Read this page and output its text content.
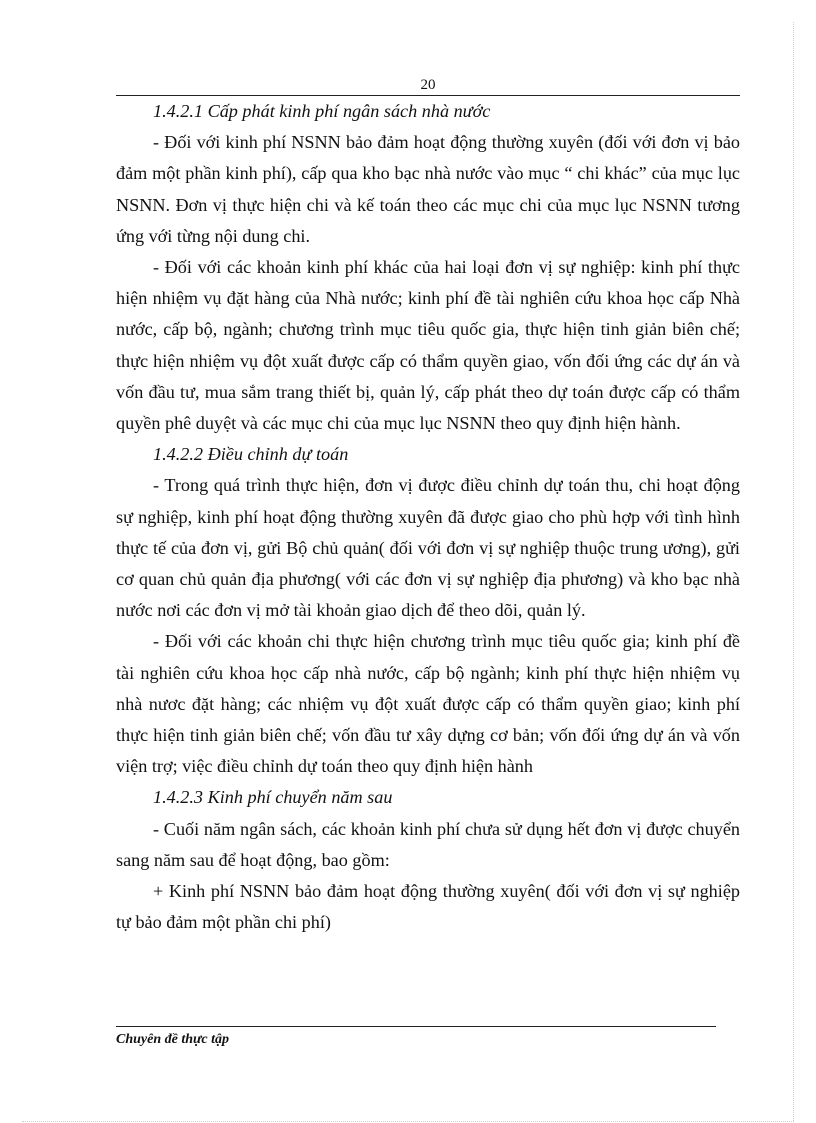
20

1.4.2.1 Cấp phát kinh phí ngân sách nhà nước

- Đối với kinh phí NSNN bảo đảm hoạt động thường xuyên (đối với đơn vị bảo đảm một phần kinh phí), cấp qua kho bạc nhà nước vào mục “ chi khác” của mục lục NSNN. Đơn vị thực hiện chi và kế toán theo các mục chi của mục lục NSNN tương ứng với từng nội dung chi.

- Đối với các khoản kinh phí khác của hai loại đơn vị sự nghiệp: kinh phí thực hiện nhiệm vụ đặt hàng của Nhà nước; kinh phí đề tài nghiên cứu khoa học cấp Nhà nước, cấp bộ, ngành; chương trình mục tiêu quốc gia, thực hiện tinh giản biên chế; thực hiện nhiệm vụ đột xuất được cấp có thẩm quyền giao, vốn đối ứng các dự án và vốn đầu tư, mua sắm trang thiết bị, quản lý, cấp phát theo dự toán được cấp có thẩm quyền phê duyệt và các mục chi của mục lục NSNN theo quy định hiện hành.

1.4.2.2 Điều chỉnh dự toán

- Trong quá trình thực hiện, đơn vị được điều chỉnh dự toán thu, chi hoạt động sự nghiệp, kinh phí hoạt động thường xuyên đã được giao cho phù hợp với tình hình thực tế của đơn vị, gửi Bộ chủ quản( đối với đơn vị sự nghiệp thuộc trung ương), gửi cơ quan chủ quản địa phương( với các đơn vị sự nghiệp địa phương) và kho bạc nhà nước nơi các đơn vị mở tài khoản giao dịch để theo dõi, quản lý.

- Đối với các khoản chi thực hiện chương trình mục tiêu quốc gia; kinh phí đề tài nghiên cứu khoa học cấp nhà nước, cấp bộ ngành; kinh phí thực hiện nhiệm vụ nhà nươc đặt hàng; các nhiệm vụ đột xuất được cấp có thẩm quyền giao; kinh phí thực hiện tinh giản biên chế; vốn đầu tư xây dựng cơ bản; vốn đối ứng dự án và vốn viện trợ; việc điều chỉnh dự toán theo quy định hiện hành

1.4.2.3 Kinh phí chuyển năm sau

- Cuối năm ngân sách, các khoản kinh phí chưa sử dụng hết đơn vị được chuyển sang năm sau để hoạt động, bao gồm:

+ Kinh phí NSNN bảo đảm hoạt động thường xuyên( đối với đơn vị sự nghiệp tự bảo đảm một phần chi phí)

Chuyên đề thực tập
